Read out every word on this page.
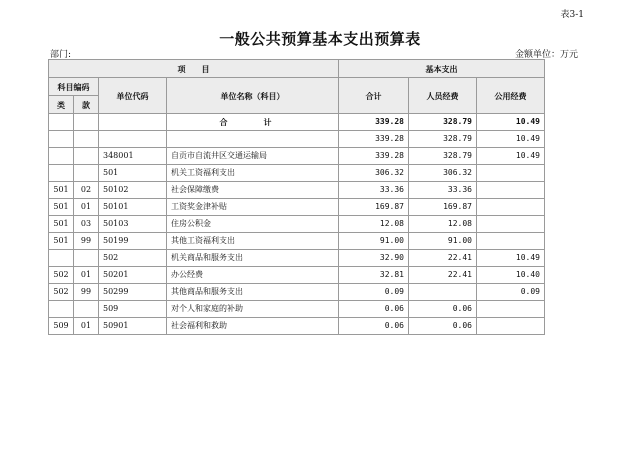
表3-1
一般公共预算基本支出预算表
部门:	金额单位：万元
项　　目				基本支出		
科目编码		单位代码	单位名称（科目）	合计	人员经费	公用经费
类	款					
			合　计	339.28	328.79	10.49
				339.28	328.79	10.49
		348001	自贡市自流井区交通运输局	339.28	328.79	10.49
		501	机关工资福利支出	306.32	306.32	
501	02	50102	社会保障缴费	33.36	33.36	
501	01	50101	工资奖金津补贴	169.87	169.87	
501	03	50103	住房公积金	12.08	12.08	
501	99	50199	其他工资福利支出	91.00	91.00	
		502	机关商品和服务支出	32.90	22.41	10.49
502	01	50201	办公经费	32.81	22.41	10.40
502	99	50299	其他商品和服务支出	0.09		0.09
		509	对个人和家庭的补助	0.06	0.06	
509	01	50901	社会福利和救助	0.06	0.06	
